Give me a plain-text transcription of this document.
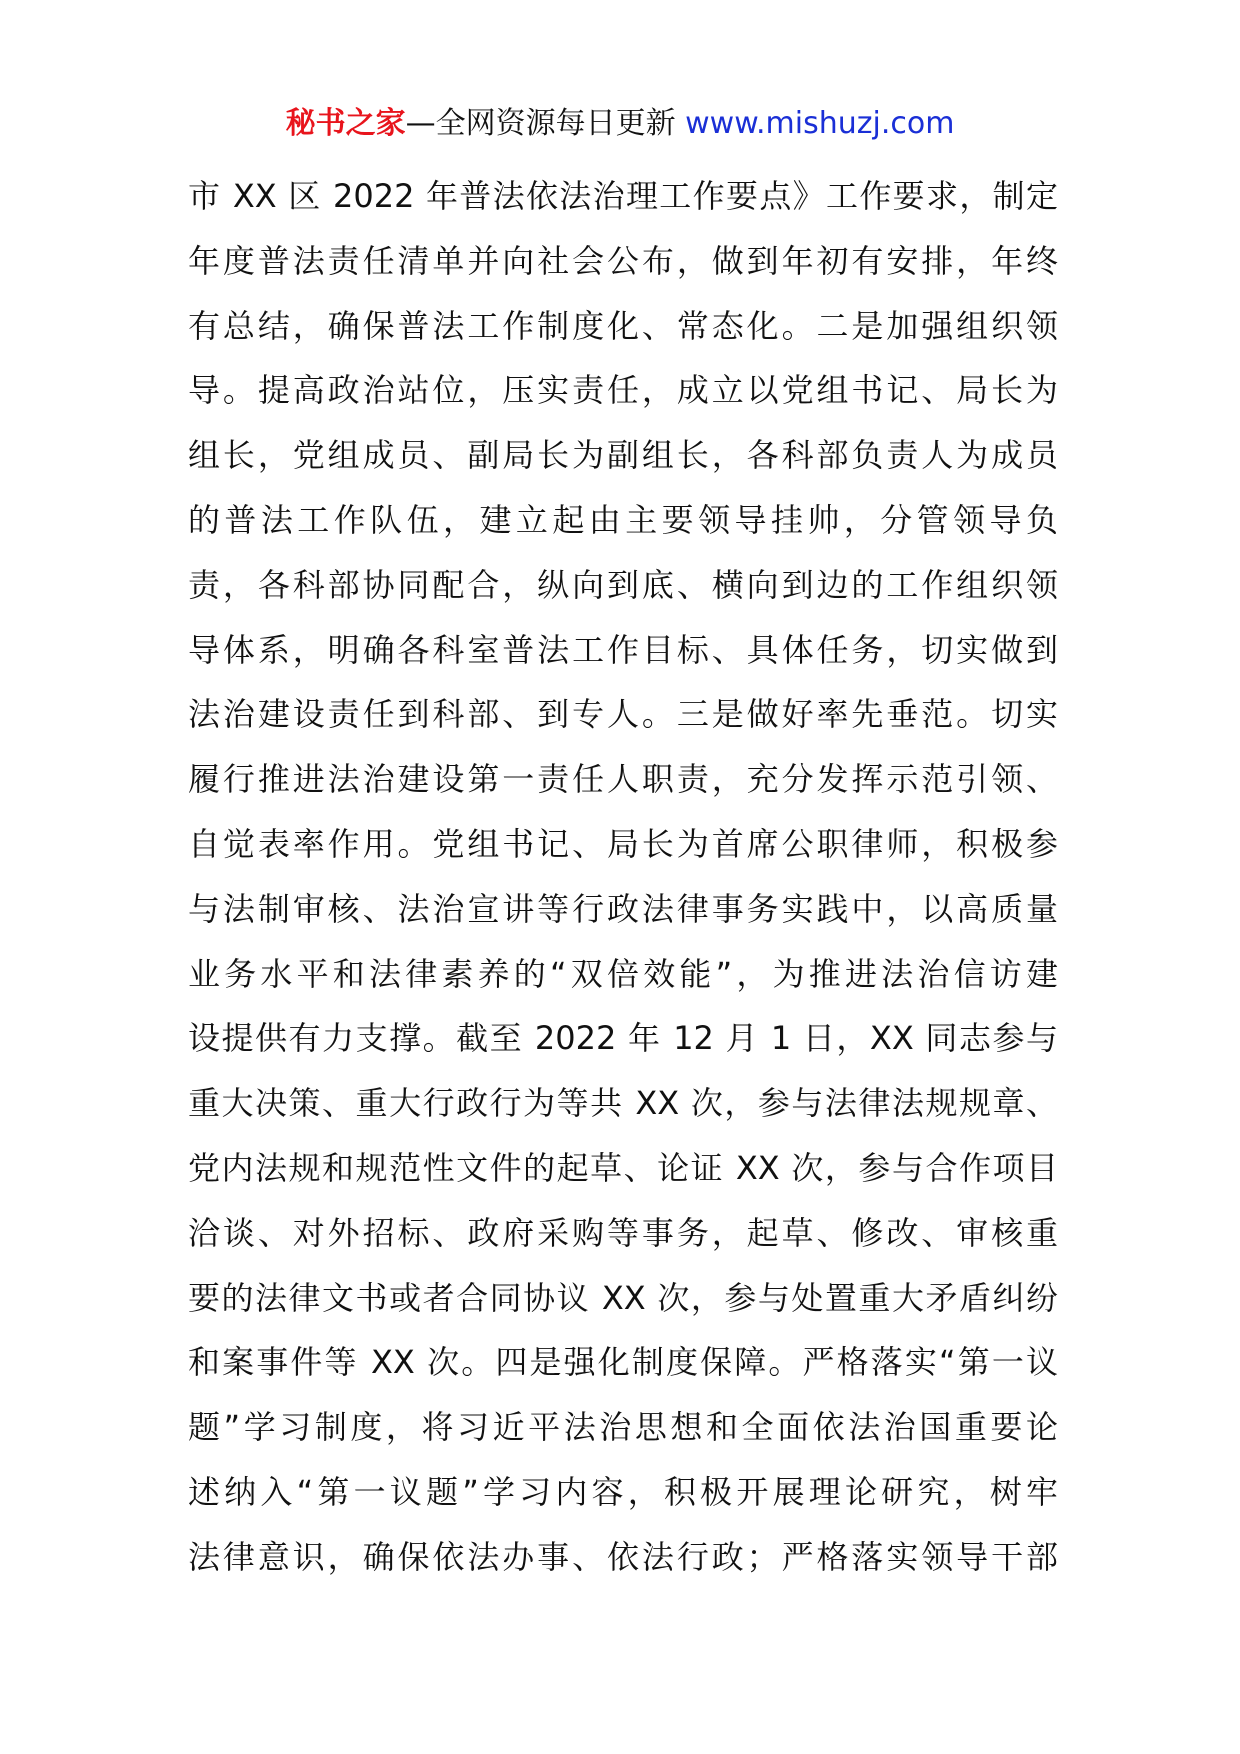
秘书之家—全网资源每日更新 www.mishuzj.com
市 XX 区 2022 年普法依法治理工作要点》工作要求，制定
年度普法责任清单并向社会公布，做到年初有安排，年终
有总结，确保普法工作制度化、常态化。二是加强组织领
导。提高政治站位，压实责任，成立以党组书记、局长为
组长，党组成员、副局长为副组长，各科部负责人为成员
的普法工作队伍，建立起由主要领导挂帅，分管领导负
责，各科部协同配合，纵向到底、横向到边的工作组织领
导体系，明确各科室普法工作目标、具体任务，切实做到
法治建设责任到科部、到专人。三是做好率先垂范。切实
履行推进法治建设第一责任人职责，充分发挥示范引领、
自觉表率作用。党组书记、局长为首席公职律师，积极参
与法制审核、法治宣讲等行政法律事务实践中，以高质量
业务水平和法律素养的“双倍效能”，为推进法治信访建
设提供有力支撑。截至 2022 年 12 月 1 日，XX 同志参与
重大决策、重大行政行为等共 XX 次，参与法律法规规章、
党内法规和规范性文件的起草、论证 XX 次，参与合作项目
洽谈、对外招标、政府采购等事务，起草、修改、审核重
要的法律文书或者合同协议 XX 次，参与处置重大矛盾纠纷
和案事件等 XX 次。四是强化制度保障。严格落实“第一议
题”学习制度，将习近平法治思想和全面依法治国重要论
述纳入“第一议题”学习内容，积极开展理论研究，树牢
法律意识，确保依法办事、依法行政；严格落实领导干部
